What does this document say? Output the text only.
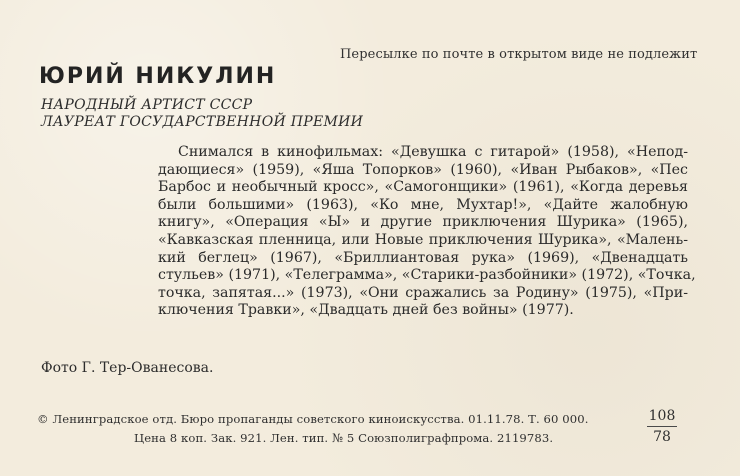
Пересылке по почте в открытом виде не подлежит
ЮРИЙ НИКУЛИН
НАРОДНЫЙ АРТИСТ СССР
ЛАУРЕАТ ГОСУДАРСТВЕННОЙ ПРЕМИИ
Снимался в кинофильмах: «Девушка с гитарой» (1958), «Непод-
дающиеся» (1959), «Яша Топорков» (1960), «Иван Рыбаков», «Пес
Барбос и необычный кросс», «Самогонщики» (1961), «Когда деревья
были большими» (1963), «Ко мне, Мухтар!», «Дайте жалобную
книгу», «Операция «Ы» и другие приключения Шурика» (1965),
«Кавказская пленница, или Новые приключения Шурика», «Малень-
кий беглец» (1967), «Бриллиантовая рука» (1969), «Двенадцать
стульев» (1971), «Телеграмма», «Старики-разбойники» (1972), «Точка,
точка, запятая...» (1973), «Они сражались за Родину» (1975), «При-
ключения Травки», «Двадцать дней без войны» (1977).
Фото Г. Тер-Ованесова.
© Ленинградское отд. Бюро пропаганды советского киноискусства. 01.11.78. Т. 60 000.
Цена 8 коп. Зак. 921. Лен. тип. № 5 Союзполиграфпрома. 2119783.
108
78
